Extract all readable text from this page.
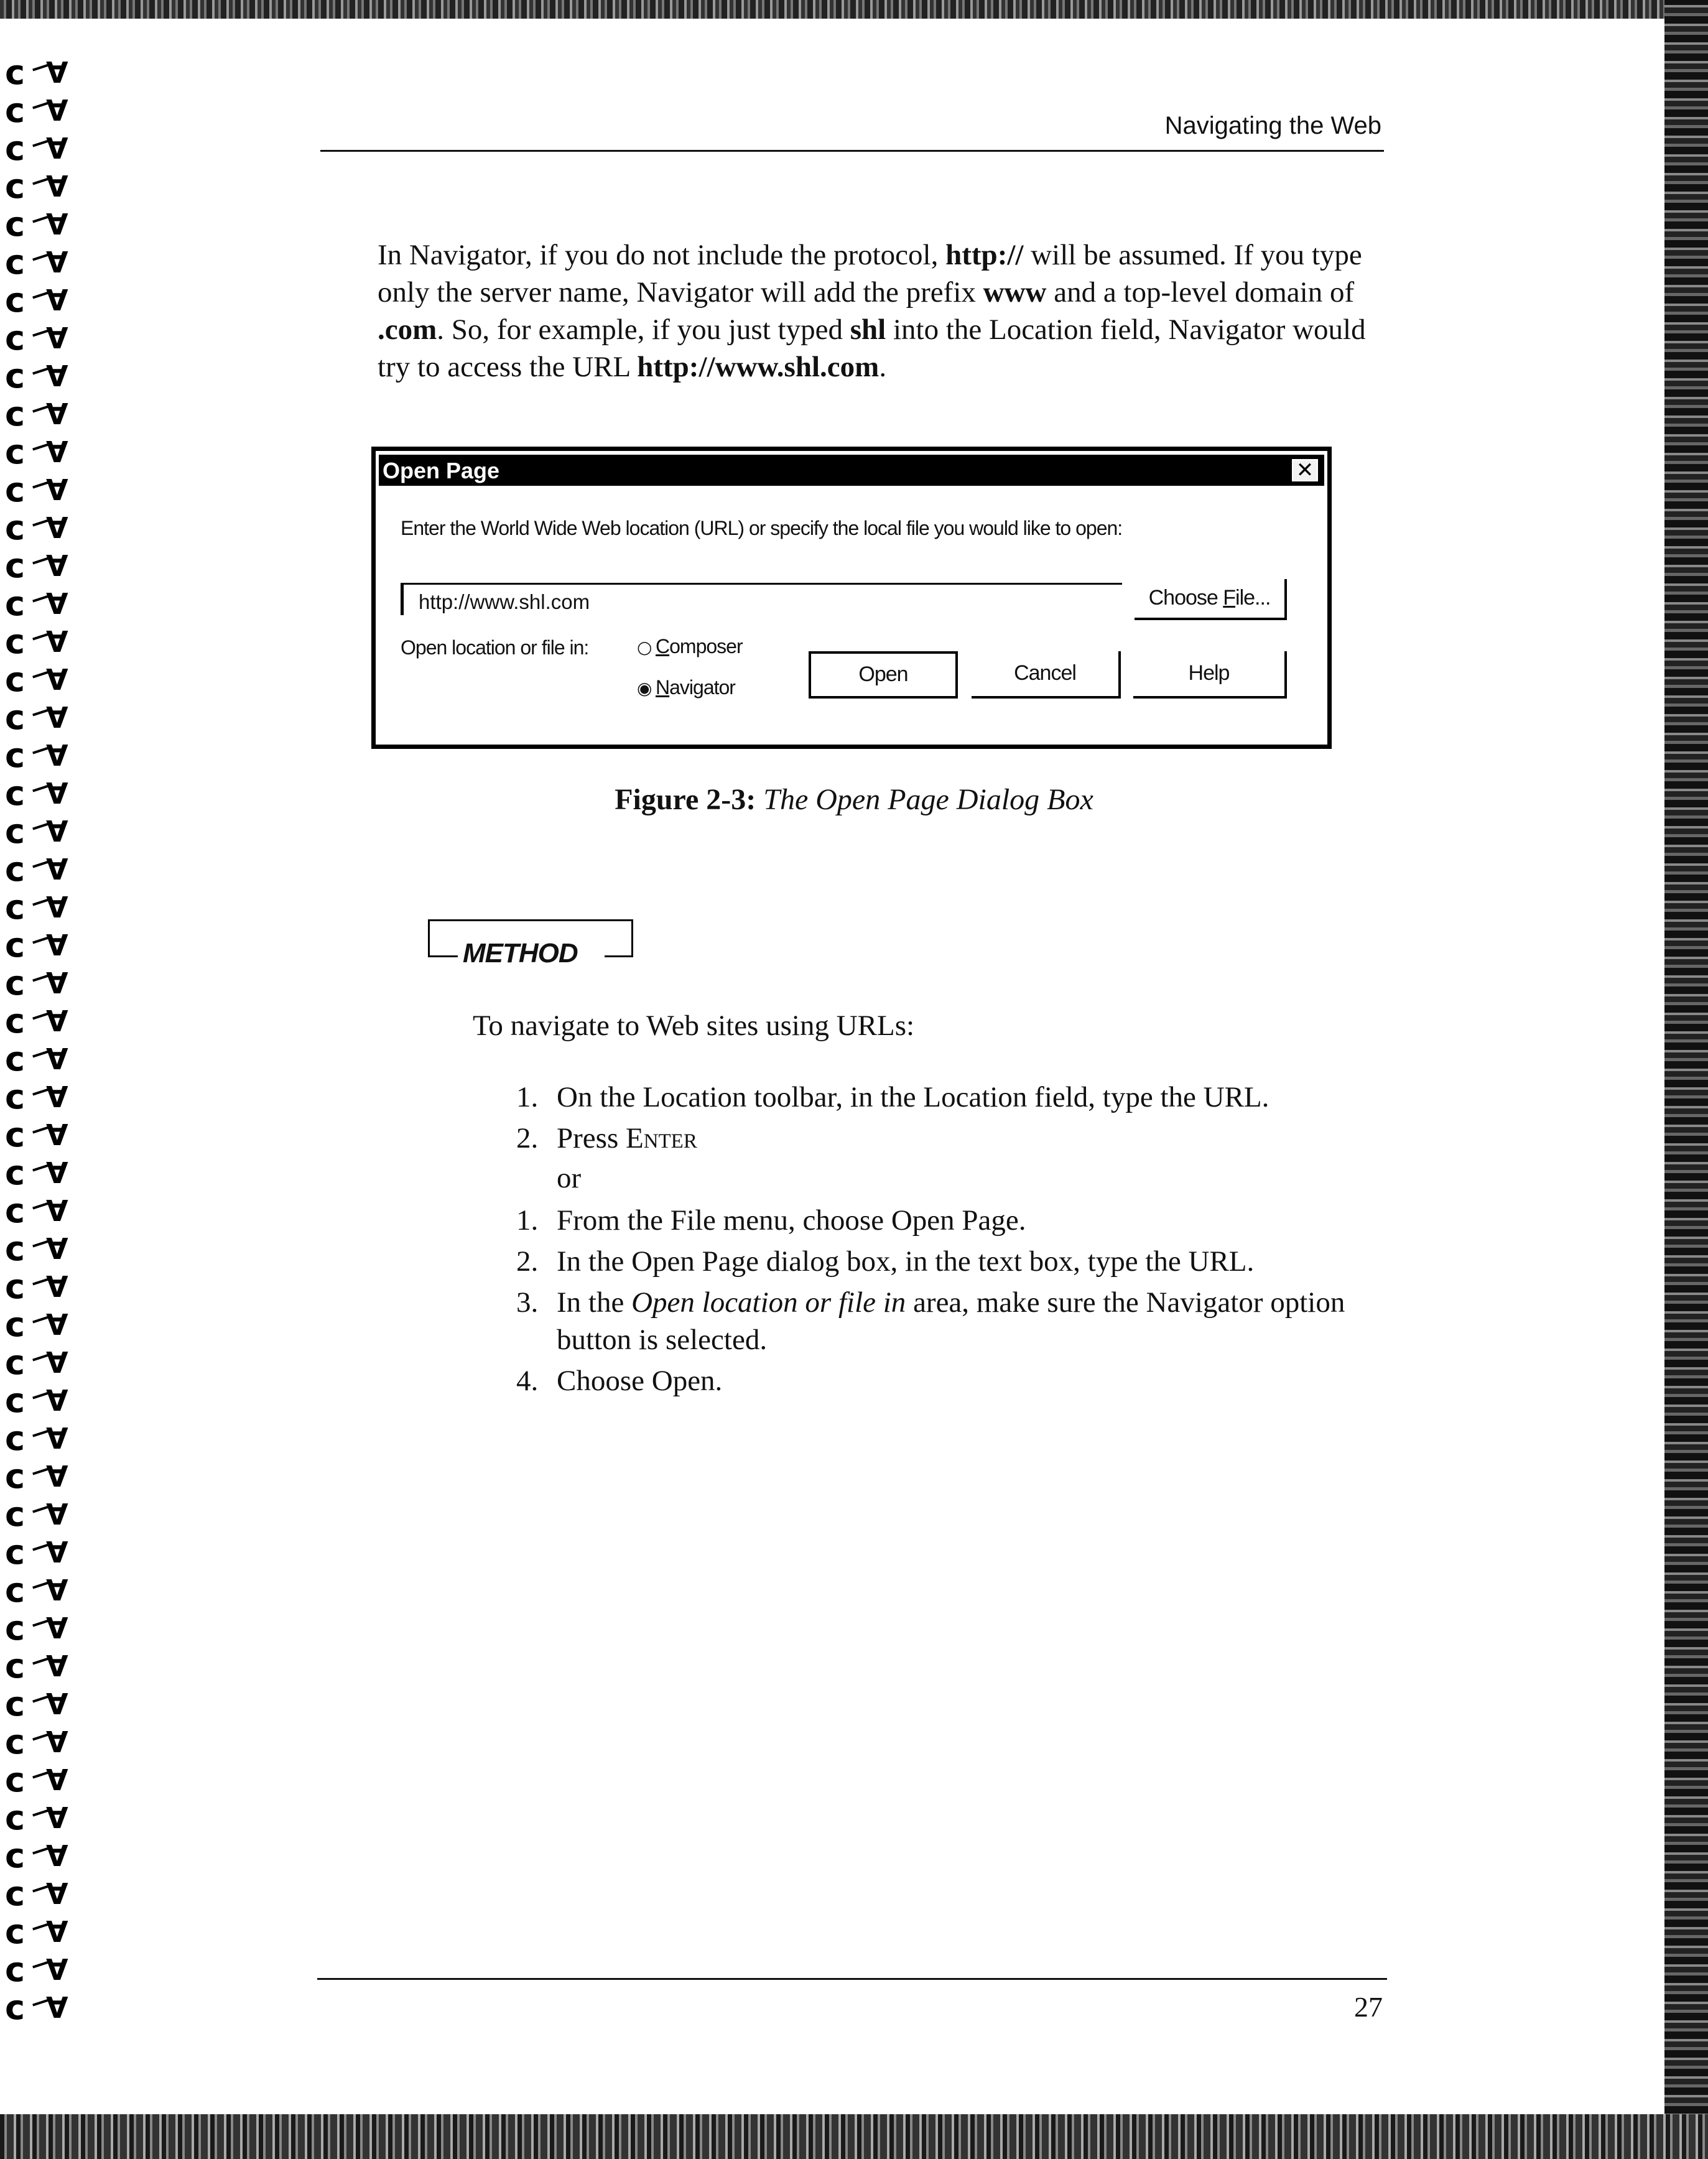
c Ɐ
c Ɐ
c Ɐ
c Ɐ
c Ɐ
c Ɐ
c Ɐ
c Ɐ
c Ɐ
c Ɐ
c Ɐ
c Ɐ
c Ɐ
c Ɐ
c Ɐ
c Ɐ
c Ɐ
c Ɐ
c Ɐ
c Ɐ
c Ɐ
c Ɐ
c Ɐ
c Ɐ
c Ɐ
c Ɐ
c Ɐ
c Ɐ
c Ɐ
c Ɐ
c Ɐ
c Ɐ
c Ɐ
c Ɐ
c Ɐ
c Ɐ
c Ɐ
c Ɐ
c Ɐ
c Ɐ
c Ɐ
c Ɐ
c Ɐ
c Ɐ
c Ɐ
c Ɐ
c Ɐ
c Ɐ
c Ɐ
c Ɐ
c Ɐ
c Ɐ
Navigating the Web
In Navigator, if you do not include the protocol, http:// will be assumed. If you type only the server name, Navigator will add the prefix www and a top-level domain of .com. So, for example, if you just typed shl into the Location field, Navigator would try to access the URL http://www.shl.com.
Open Page	✕
Enter the World Wide Web location (URL) or specify the local file you would like to open:
http://www.shl.com	Choose File...
Open location or file in:	○ Composer
◉ Navigator
Open	Cancel	Help
Figure 2-3: The Open Page Dialog Box
METHOD
To navigate to Web sites using URLs:
1. On the Location toolbar, in the Location field, type the URL.
2. Press Enter
or
1. From the File menu, choose Open Page.
2. In the Open Page dialog box, in the text box, type the URL.
3. In the Open location or file in area, make sure the Navigator option button is selected.
4. Choose Open.
27
